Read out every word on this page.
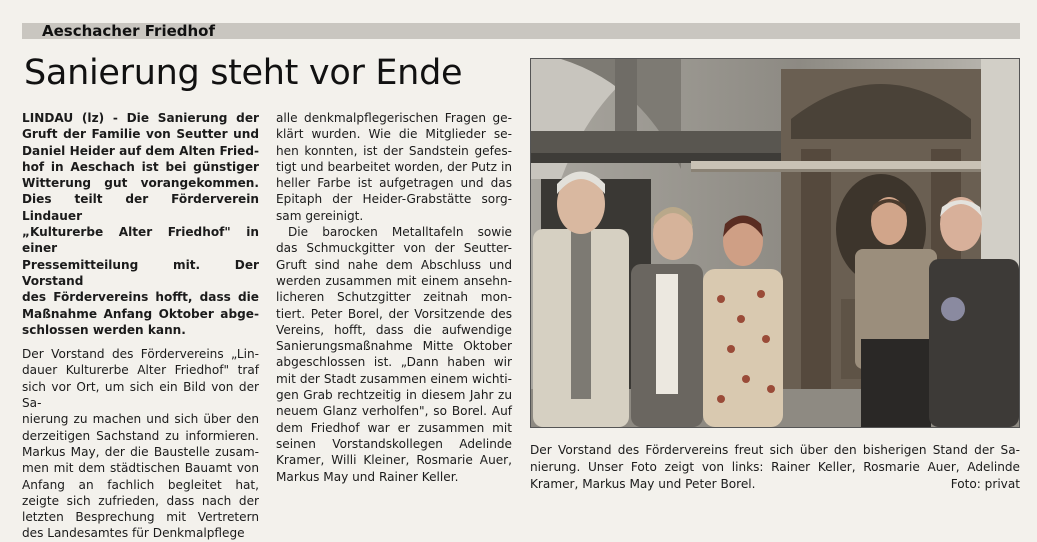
Aeschacher Friedhof
Sanierung steht vor Ende

LINDAU (lz) - Die Sanierung der

Gruft der Familie von Seutter und

Daniel Heider auf dem Alten Fried-

hof in Aeschach ist bei günstiger

Witterung gut vorangekommen.

Dies teilt der Förderverein Lindauer

„Kulturerbe Alter Friedhof" in einer

Pressemitteilung mit. Der Vorstand

des Fördervereins hofft, dass die

Maßnahme Anfang Oktober abge-

schlossen werden kann.

Der Vorstand des Fördervereins „Lin-

dauer Kulturerbe Alter Friedhof" traf

sich vor Ort, um sich ein Bild von der Sa-

nierung zu machen und sich über den

derzeitigen Sachstand zu informieren.

Markus May, der die Baustelle zusam-

men mit dem städtischen Bauamt von

Anfang an fachlich begleitet hat,

zeigte sich zufrieden, dass nach der

letzten Besprechung mit Vertretern

des Landesamtes für Denkmalpflege

alle denkmalpflegerischen Fragen ge-

klärt wurden. Wie die Mitglieder se-

hen konnten, ist der Sandstein gefes-

tigt und bearbeitet worden, der Putz in

heller Farbe ist aufgetragen und das

Epitaph der Heider-Grabstätte sorg-

sam gereinigt.

Die barocken Metalltafeln sowie

das Schmuckgitter von der Seutter-

Gruft sind nahe dem Abschluss und

werden zusammen mit einem ansehn-

licheren Schutzgitter zeitnah mon-

tiert. Peter Borel, der Vorsitzende des

Vereins, hofft, dass die aufwendige

Sanierungsmaßnahme Mitte Oktober

abgeschlossen ist. „Dann haben wir

mit der Stadt zusammen einem wichti-

gen Grab rechtzeitig in diesem Jahr zu

neuem Glanz verholfen", so Borel. Auf

dem Friedhof war er zusammen mit

seinen Vorstandskollegen Adelinde

Kramer, Willi Kleiner, Rosmarie Auer,

Markus May und Rainer Keller.

Der Vorstand des Fördervereins freut sich über den bisherigen Stand der Sa-
nierung. Unser Foto zeigt von links: Rainer Keller, Rosmarie Auer, Adelinde
Kramer, Markus May und Peter Borel.	Foto: privat
